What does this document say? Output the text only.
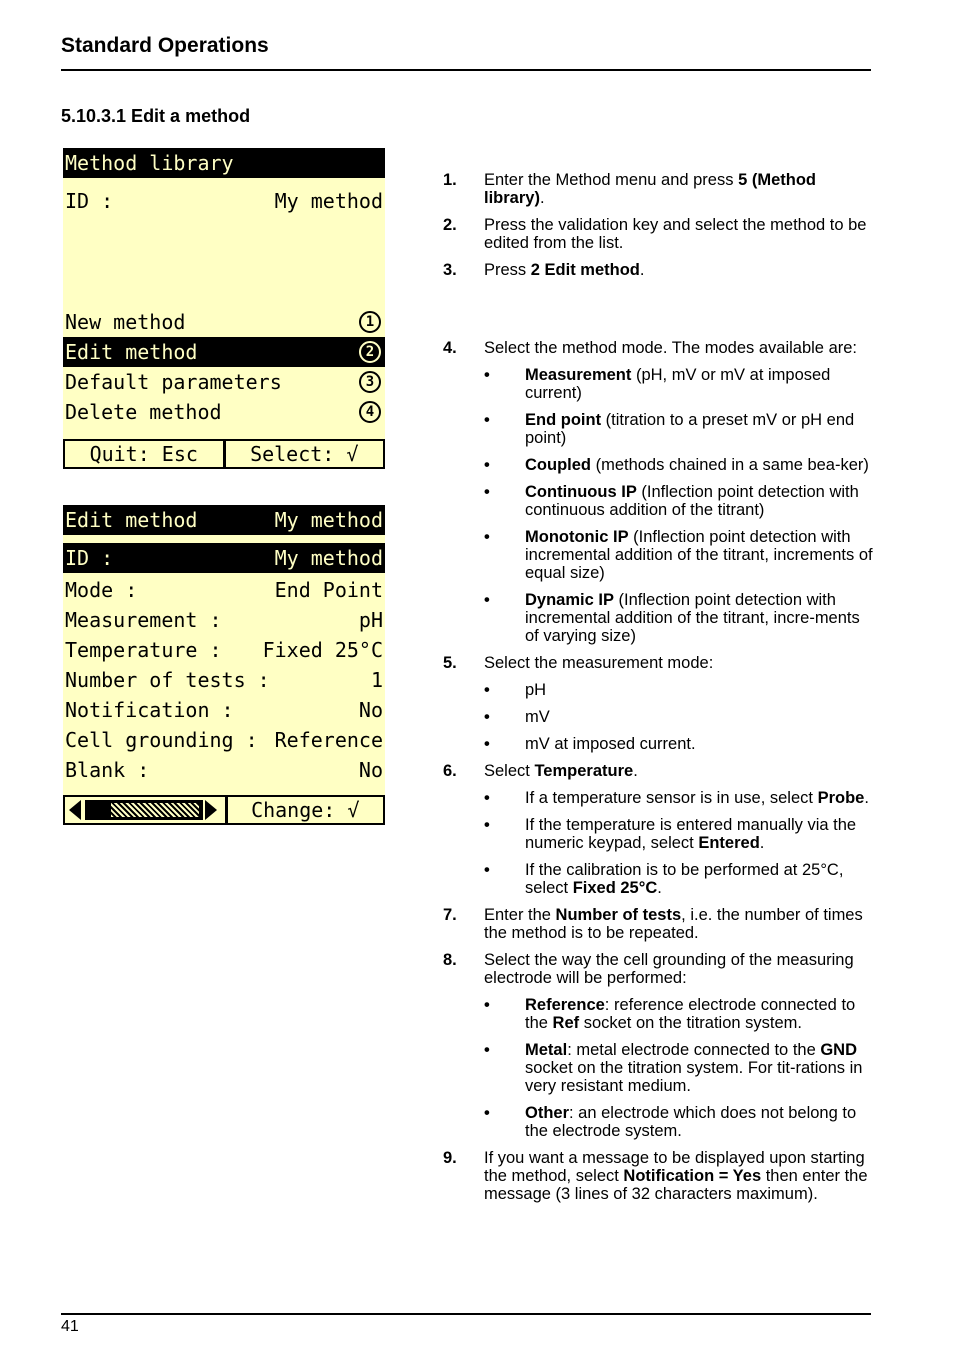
Standard Operations
5.10.3.1 Edit a method
Method library
ID :	My method
New method	1
Edit method	2
Default parameters	3
Delete method	4
Quit: Esc	Select: √
Edit method	My method
ID :	My method
Mode :	End Point
Measurement :	pH
Temperature : Fixed 25°C
Number of tests :	1
Notification :	No
Cell grounding : Reference
Blank :	No
Change: √
1. Enter the Method menu and press 5 (Method library).
2. Press the validation key and select the method to be edited from the list.
3. Press 2 Edit method.
4. Select the method mode. The modes available are:
• Measurement (pH, mV or mV at imposed current)
• End point (titration to a preset mV or pH end point)
• Coupled (methods chained in a same bea-ker)
• Continuous IP (Inflection point detection with continuous addition of the titrant)
• Monotonic IP (Inflection point detection with incremental addition of the titrant, increments of equal size)
• Dynamic IP (Inflection point detection with incremental addition of the titrant, incre-ments of varying size)
5. Select the measurement mode:
• pH
• mV
• mV at imposed current.
6. Select Temperature.
• If a temperature sensor is in use, select Probe.
• If the temperature is entered manually via the numeric keypad, select Entered.
• If the calibration is to be performed at 25°C, select Fixed 25°C.
7. Enter the Number of tests, i.e. the number of times the method is to be repeated.
8. Select the way the cell grounding of the measuring electrode will be performed:
• Reference: reference electrode connected to the Ref socket on the titration system.
• Metal: metal electrode connected to the GND socket on the titration system. For tit-rations in very resistant medium.
• Other: an electrode which does not belong to the electrode system.
9. If you want a message to be displayed upon starting the method, select Notification = Yes then enter the message (3 lines of 32 characters maximum).
41
